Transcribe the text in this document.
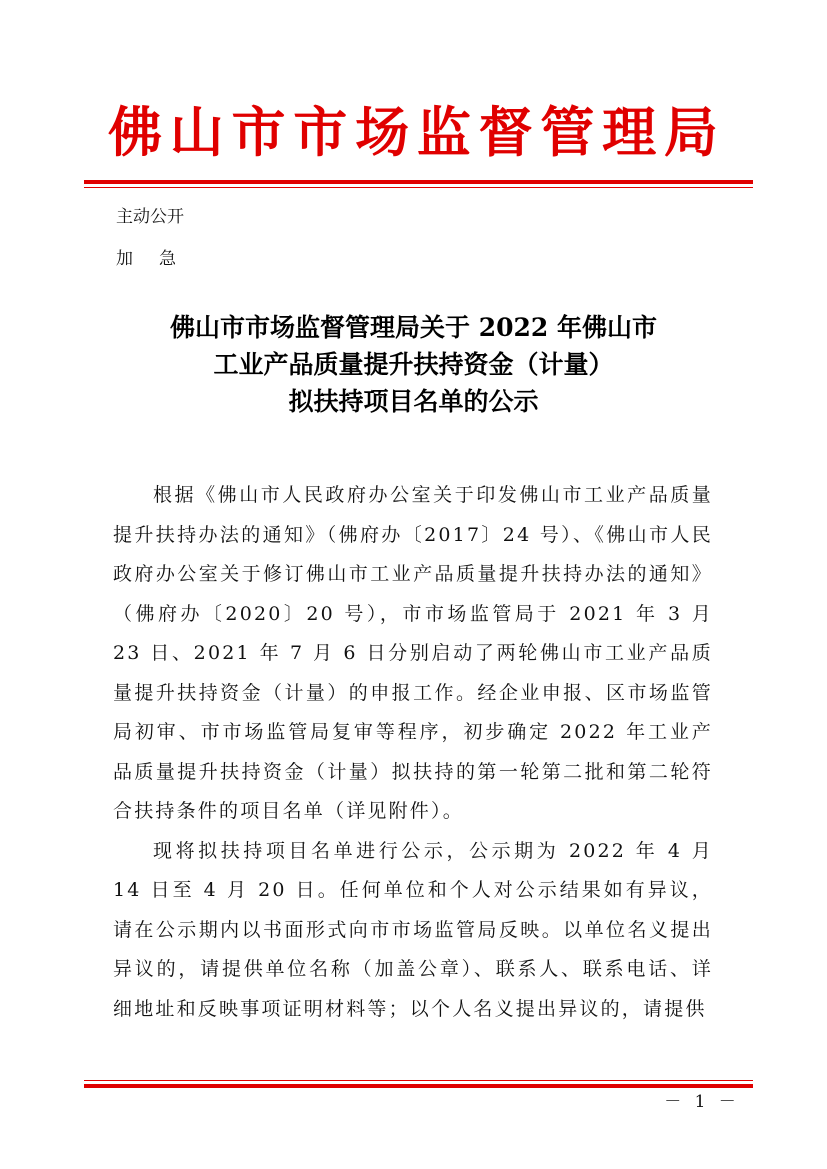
佛 山 市 市 场 监 督 管 理 局
主动公开
加 急
佛山市市场监督管理局关于 2022 年佛山市
工业产品质量提升扶持资金（计量）
拟扶持项目名单的公示

根据《佛山市人民政府办公室关于印发佛山市工业产品质量提升扶持办法的通知》（佛府办〔2017〕24 号）、《佛山市人民政府办公室关于修订佛山市工业产品质量提升扶持办法的通知》（佛府办〔2020〕20 号），市市场监管局于 2021 年 3 月 23 日、2021 年 7 月 6 日分别启动了两轮佛山市工业产品质量提升扶持资金（计量）的申报工作。经企业申报、区市场监管局初审、市市场监管局复审等程序，初步确定 2022 年工业产品质量提升扶持资金（计量）拟扶持的第一轮第二批和第二轮符合扶持条件的项目名单（详见附件）。

现将拟扶持项目名单进行公示，公示期为 2022 年 4 月 14 日至 4 月 20 日。任何单位和个人对公示结果如有异议，请在公示期内以书面形式向市市场监管局反映。以单位名义提出异议的，请提供单位名称（加盖公章）、联系人、联系电话、详细地址和反映事项证明材料等；以个人名义提出异议的，请提供

－ 1 －
